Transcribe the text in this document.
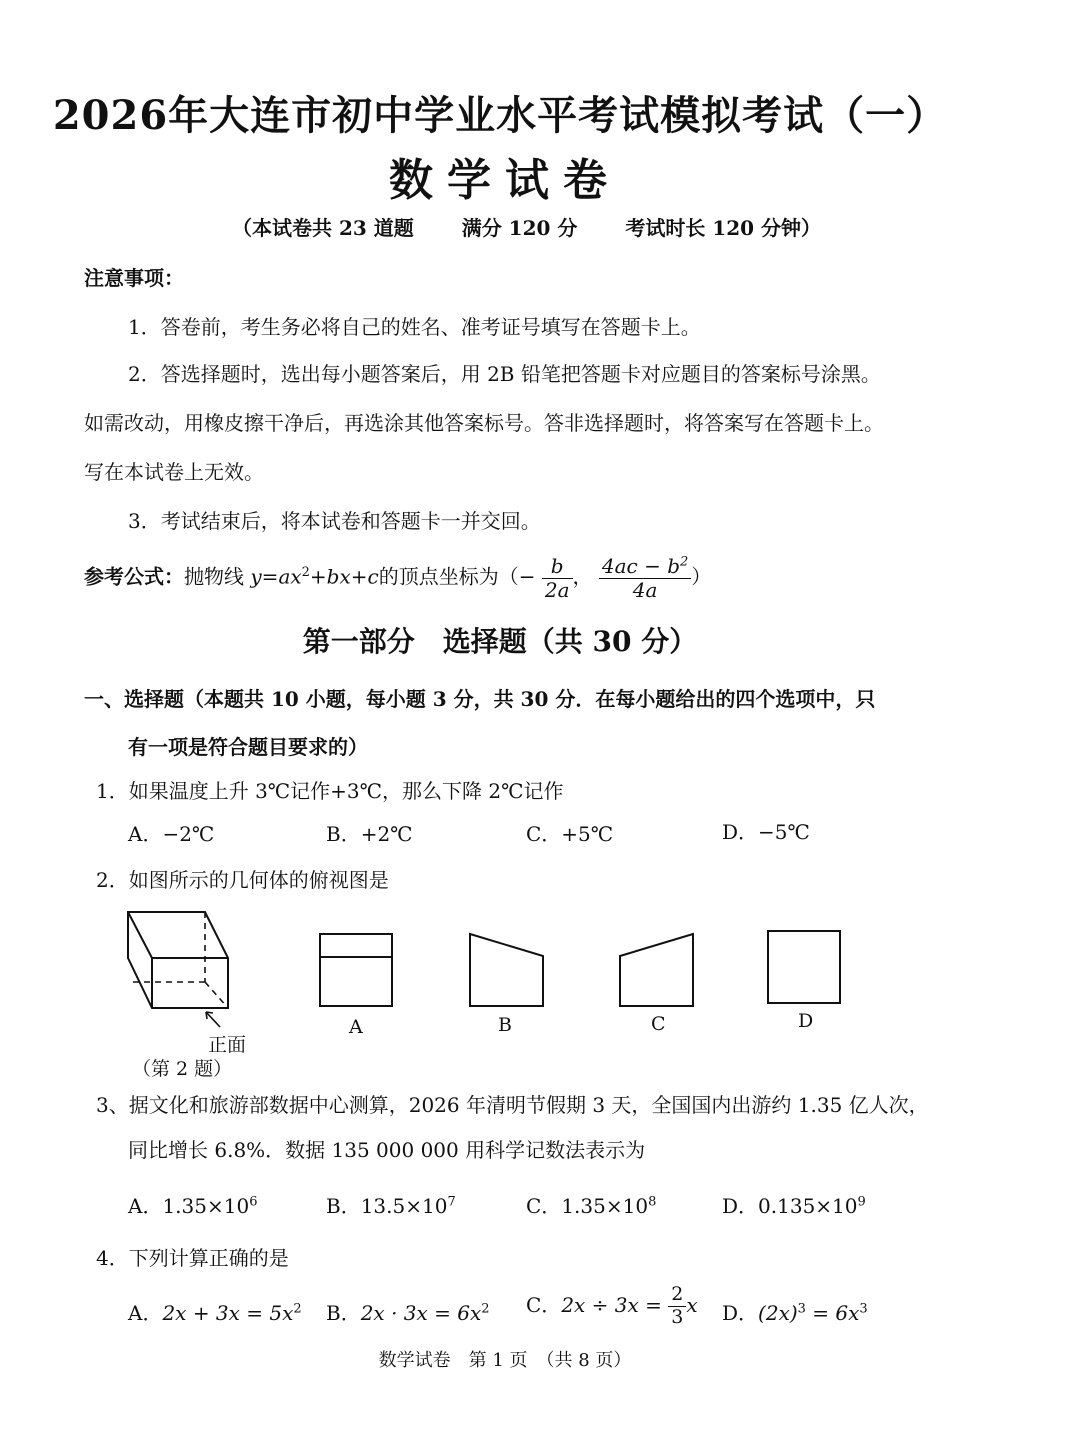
2026年大连市初中学业水平考试模拟考试（一）
数学试卷
（本试卷共 23 道题 满分 120 分 考试时长 120 分钟）
注意事项：
1．答卷前，考生务必将自己的姓名、准考证号填写在答题卡上。
2．答选择题时，选出每小题答案后，用 2B 铅笔把答题卡对应题目的答案标号涂黑。
如需改动，用橡皮擦干净后，再选涂其他答案标号。答非选择题时，将答案写在答题卡上。
写在本试卷上无效。
3．考试结束后，将本试卷和答题卡一并交回。
参考公式：抛物线 $y=ax^2+bx+c$的顶点坐标为（− $\frac{b}{2a}$ ， $\frac{4ac - b^2}{4a}$ ）
第一部分　选择题（共 30 分）
一、选择题（本题共 10 小题，每小题 3 分，共 30 分．在每小题给出的四个选项中，只
有一项是符合题目要求的）
1．如果温度上升 3℃记作+3℃，那么下降 2℃记作
A．−2℃	B．+2℃	C．+5℃	D．−5℃
2．如图所示的几何体的俯视图是
正面
（第 2 题）
A	B	C	D
3、据文化和旅游部数据中心测算，2026 年清明节假期 3 天，全国国内出游约 1.35 亿人次，
同比增长 6.8%．数据 135 000 000 用科学记数法表示为
A．$1.35\times 10^6$	B．$13.5\times 10^7$	C．$1.35\times 10^8$	D．$0.135\times 10^9$
4．下列计算正确的是
A．$2x + 3x = 5x^2$ B．$2x \cdot 3x = 6x^2$ C．$2x \div 3x = \frac{2}{3}$ x D．$(2x)^3 = 6x^3$
数学试卷　第 1 页　（共 8 页）
